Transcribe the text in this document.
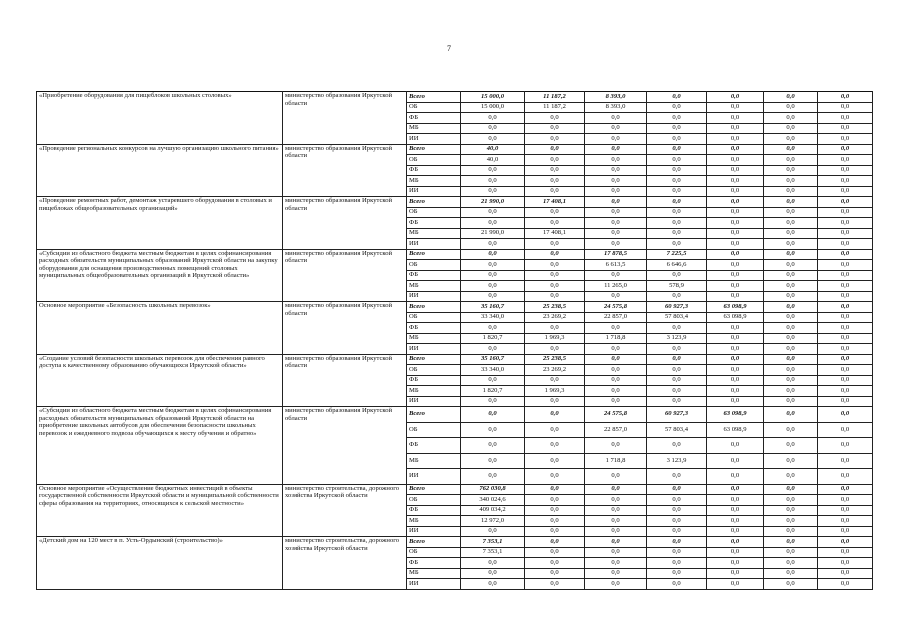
7
«Приобретение оборудования для пищеблоков школьных столовых»	министерство образования Иркутской области	Всего	15 000,0	11 187,2	8 393,0	0,0	0,0	0,0	0,0
		ОБ	15 000,0	11 187,2	8 393,0	0,0	0,0	0,0	0,0
		ФБ	0,0	0,0	0,0	0,0	0,0	0,0	0,0
		МБ	0,0	0,0	0,0	0,0	0,0	0,0	0,0
		ИИ	0,0	0,0	0,0	0,0	0,0	0,0	0,0
«Проведение региональных конкурсов на лучшую организацию школьного питания»	министерство образования Иркутской области	Всего	40,0	0,0	0,0	0,0	0,0	0,0	0,0
		ОБ	40,0	0,0	0,0	0,0	0,0	0,0	0,0
		ФБ	0,0	0,0	0,0	0,0	0,0	0,0	0,0
		МБ	0,0	0,0	0,0	0,0	0,0	0,0	0,0
		ИИ	0,0	0,0	0,0	0,0	0,0	0,0	0,0
«Проведение ремонтных работ, демонтаж устаревшего оборудования в столовых и пищеблоках общеобразовательных организаций»	министерство образования Иркутской области	Всего	21 990,0	17 408,1	0,0	0,0	0,0	0,0	0,0
		ОБ	0,0	0,0	0,0	0,0	0,0	0,0	0,0
		ФБ	0,0	0,0	0,0	0,0	0,0	0,0	0,0
		МБ	21 990,0	17 408,1	0,0	0,0	0,0	0,0	0,0
		ИИ	0,0	0,0	0,0	0,0	0,0	0,0	0,0
«Субсидии из областного бюджета местным бюджетам в целях софинансирования расходных обязательств муниципальных образований Иркутской области на закупку оборудования для оснащения производственных помещений столовых муниципальных общеобразовательных организаций в Иркутской области»	министерство образования Иркутской области	Всего	0,0	0,0	17 878,5	7 225,5	0,0	0,0	0,0
		ОБ	0,0	0,0	6 613,5	6 646,6	0,0	0,0	0,0
		ФБ	0,0	0,0	0,0	0,0	0,0	0,0	0,0
		МБ	0,0	0,0	11 265,0	578,9	0,0	0,0	0,0
		ИИ	0,0	0,0	0,0	0,0	0,0	0,0	0,0
Основное мероприятие «Безопасность школьных перевозок»	министерство образования Иркутской области	Всего	35 160,7	25 238,5	24 575,8	60 927,3	63 098,9	0,0	0,0
		ОБ	33 340,0	23 269,2	22 857,0	57 803,4	63 098,9	0,0	0,0
		ФБ	0,0	0,0	0,0	0,0	0,0	0,0	0,0
		МБ	1 820,7	1 969,3	1 718,8	3 123,9	0,0	0,0	0,0
		ИИ	0,0	0,0	0,0	0,0	0,0	0,0	0,0
«Создание условий безопасности школьных перевозок для обеспечения равного доступа к качественному образованию обучающихся Иркутской области»	министерство образования Иркутской области	Всего	35 160,7	25 238,5	0,0	0,0	0,0	0,0	0,0
		ОБ	33 340,0	23 269,2	0,0	0,0	0,0	0,0	0,0
		ФБ	0,0	0,0	0,0	0,0	0,0	0,0	0,0
		МБ	1 820,7	1 969,3	0,0	0,0	0,0	0,0	0,0
		ИИ	0,0	0,0	0,0	0,0	0,0	0,0	0,0
«Субсидии из областного бюджета местным бюджетам в целях софинансирования расходных обязательств муниципальных образований Иркутской области на приобретение школьных автобусов для обеспечения безопасности школьных перевозок и ежедневного подвоза обучающихся к месту обучения и обратно»	министерство образования Иркутской области	Всего	0,0	0,0	24 575,8	60 927,3	63 098,9	0,0	0,0
		ОБ	0,0	0,0	22 857,0	57 803,4	63 098,9	0,0	0,0
		ФБ	0,0	0,0	0,0	0,0	0,0	0,0	0,0
		МБ	0,0	0,0	1 718,8	3 123,9	0,0	0,0	0,0
		ИИ	0,0	0,0	0,0	0,0	0,0	0,0	0,0
Основное мероприятие «Осуществление бюджетных инвестиций в объекты государственной собственности Иркутской области и муниципальной собственности сферы образования на территориях, относящихся к сельской местности»	министерство строительства, дорожного хозяйства Иркутской области	Всего	762 030,8	0,0	0,0	0,0	0,0	0,0	0,0
		ОБ	340 024,6	0,0	0,0	0,0	0,0	0,0	0,0
		ФБ	409 034,2	0,0	0,0	0,0	0,0	0,0	0,0
		МБ	12 972,0	0,0	0,0	0,0	0,0	0,0	0,0
		ИИ	0,0	0,0	0,0	0,0	0,0	0,0	0,0
«Детский дом на 120 мест в п. Усть-Ордынский (строительство)»	министерство строительства, дорожного хозяйства Иркутской области	Всего	7 353,1	0,0	0,0	0,0	0,0	0,0	0,0
		ОБ	7 353,1	0,0	0,0	0,0	0,0	0,0	0,0
		ФБ	0,0	0,0	0,0	0,0	0,0	0,0	0,0
		МБ	0,0	0,0	0,0	0,0	0,0	0,0	0,0
		ИИ	0,0	0,0	0,0	0,0	0,0	0,0	0,0
